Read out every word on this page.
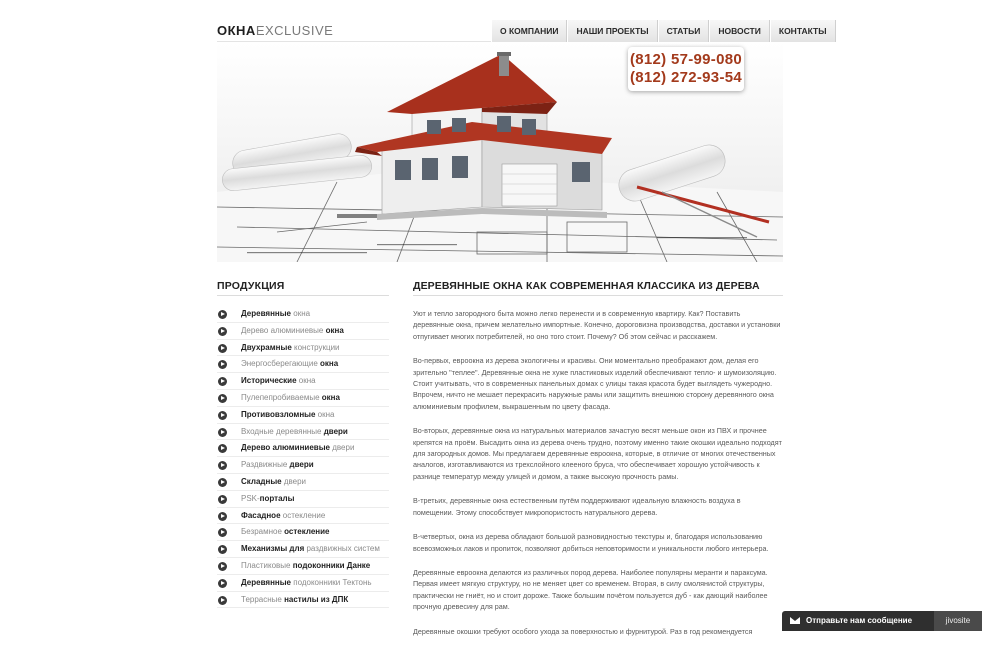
ОКНАEXCLUSIVE	О КОМПАНИИ	НАШИ ПРОЕКТЫ	СТАТЬИ	НОВОСТИ	КОНТАКТЫ
(812) 57-99-080
(812) 272-93-54
ПРОДУКЦИЯ
Деревянные окна
Дерево алюминиевые окна
Двухрамные конструкции
Энергосберегающие окна
Исторические окна
Пулепепробиваемые окна
Противовзломные окна
Входные деревянные двери
Дерево алюминиевые двери
Раздвижные двери
Складные двери
PSK-порталы
Фасадное остекление
Безрамное остекление
Механизмы для раздвижных систем
Пластиковые подоконники Данке
Деревянные подоконники Тектонь
Террасные настилы из ДПК
ДЕРЕВЯННЫЕ ОКНА КАК СОВРЕМЕННАЯ КЛАССИКА ИЗ ДЕРЕВА

Уют и тепло загородного быта можно легко перенести и в современную квартиру. Как? Поставить деревянные окна, причем желательно импортные. Конечно, дороговизна производства, доставки и установки отпугивает многих потребителей, но оно того стоит. Почему? Об этом сейчас и расскажем.

Во-первых, евроокна из дерева экологичны и красивы. Они моментально преображают дом, делая его зрительно "теплее". Деревянные окна не хуже пластиковых изделий обеспечивают тепло- и шумоизоляцию. Стоит учитывать, что в современных панельных домах с улицы такая красота будет выглядеть чужеродно. Впрочем, ничто не мешает перекрасить наружные рамы или защитить внешнюю сторону деревянного окна алюминиевым профилем, выкрашенным по цвету фасада.

Во-вторых, деревянные окна из натуральных материалов зачастую весят меньше окон из ПВХ и прочнее крепятся на проём. Высадить окна из дерева очень трудно, поэтому именно такие окошки идеально подходят для загородных домов. Мы предлагаем деревянные евроокна, которые, в отличие от многих отечественных аналогов, изготавливаются из трехслойного клееного бруса, что обеспечивает хорошую устойчивость к разнице температур между улицей и домом, а также высокую прочность рамы.

В-третьих, деревянные окна естественным путём поддерживают идеальную влажность воздуха в помещении. Этому способствует микропористость натурального дерева.

В-четвертых, окна из дерева обладают большой разновидностью текстуры и, благодаря использованию всевозможных лаков и пропиток, позволяют добиться неповторимости и уникальности любого интерьера.

Деревянные евроокна делаются из различных пород дерева. Наиболее популярны меранти и параксума. Первая имеет мягкую структуру, но не меняет цвет со временем. Вторая, в силу смолянистой структуры, практически не гниёт, но и стоит дороже. Также большим почётом пользуется дуб - как дающий наиболее прочную древесину для рам.

Деревянные окошки требуют особого ухода за поверхностью и фурнитурой. Раз в год рекомендуется

Отправьте нам сообщение	jivosite
